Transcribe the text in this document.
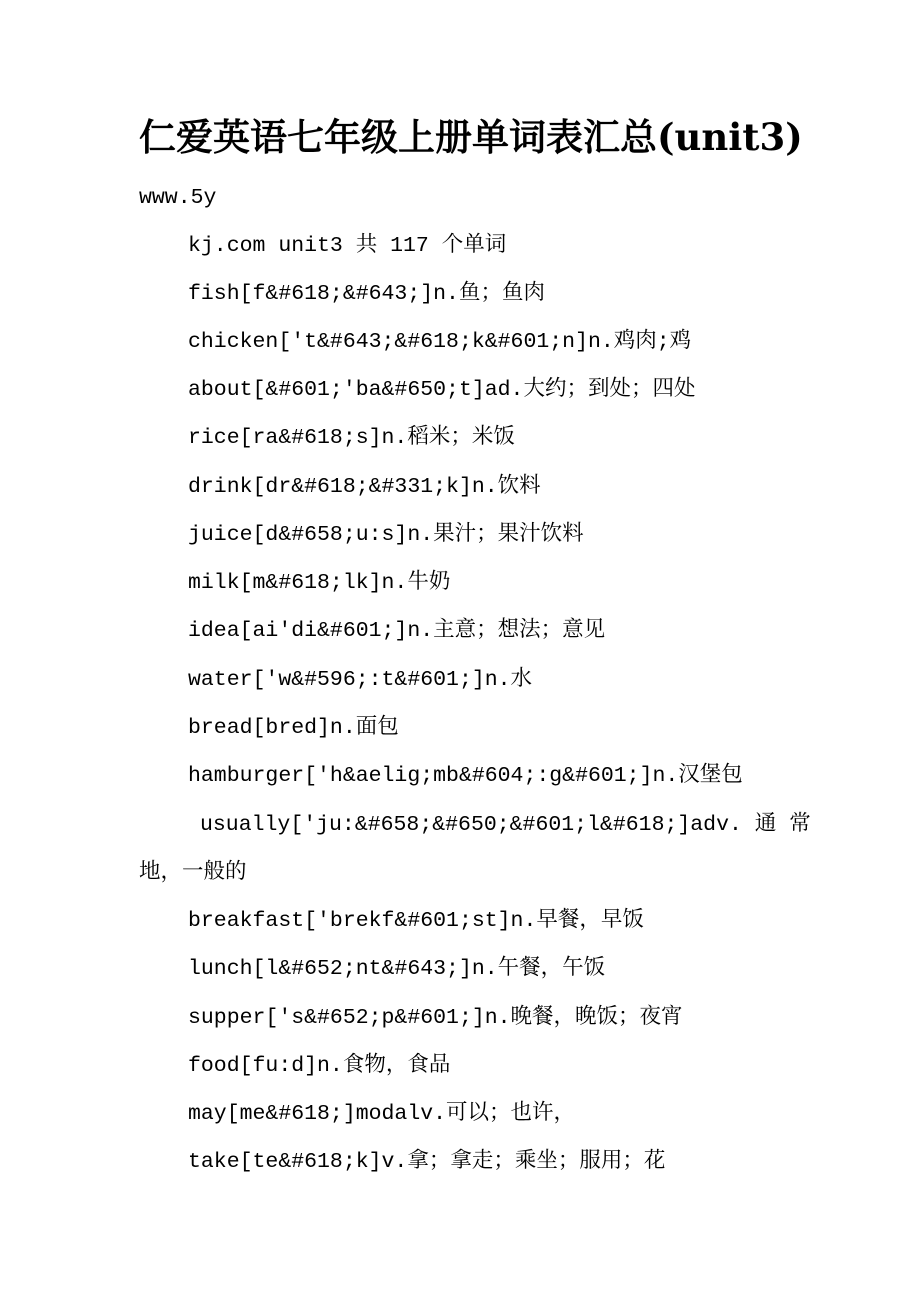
仁爱英语七年级上册单词表汇总(unit3)
www.5y
kj.com unit3 共 117 个单词
fish[f&#618;&#643;]n.鱼；鱼肉
chicken['t&#643;&#618;k&#601;n]n.鸡肉;鸡
about[&#601;'ba&#650;t]ad.大约；到处；四处
rice[ra&#618;s]n.稻米；米饭
drink[dr&#618;&#331;k]n.饮料
juice[d&#658;u:s]n.果汁；果汁饮料
milk[m&#618;lk]n.牛奶
idea[ai'di&#601;]n.主意；想法；意见
water['w&#596;:t&#601;]n.水
bread[bred]n.面包
hamburger['h&aelig;mb&#604;:g&#601;]n.汉堡包
usually['ju:&#658;&#650;&#601;l&#618;]adv. 通 常
地，一般的
breakfast['brekf&#601;st]n.早餐，早饭
lunch[l&#652;nt&#643;]n.午餐，午饭
supper['s&#652;p&#601;]n.晚餐，晚饭；夜宵
food[fu:d]n.食物，食品
may[me&#618;]modalv.可以；也许，
take[te&#618;k]v.拿；拿走；乘坐；服用；花
